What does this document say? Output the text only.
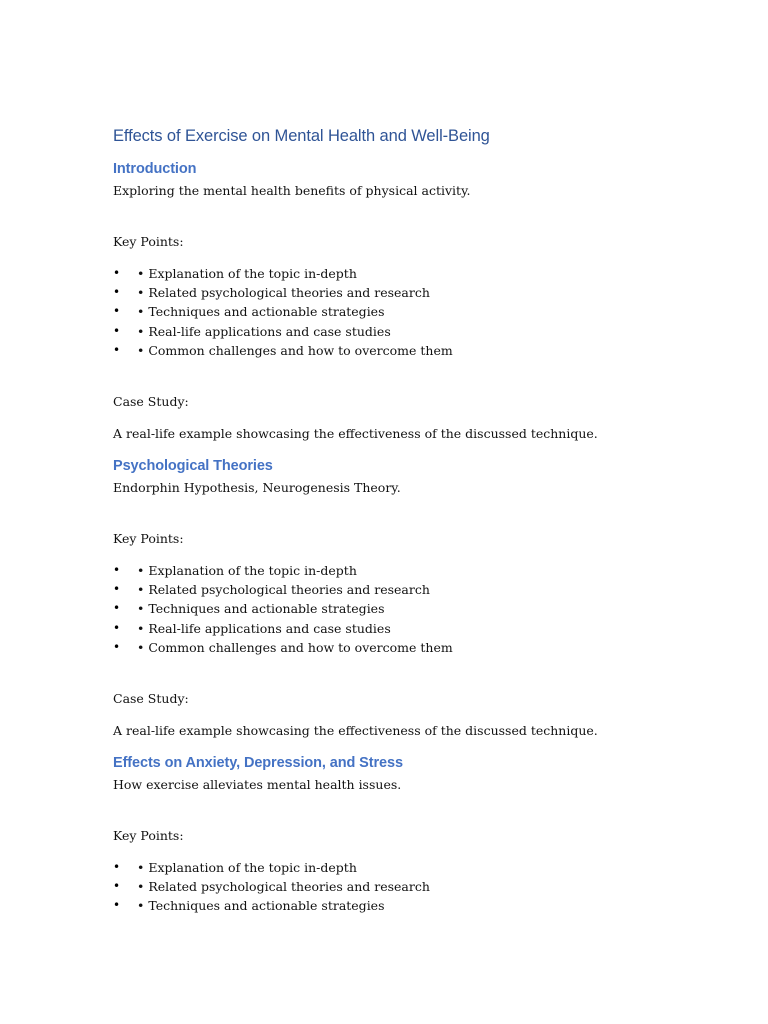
Effects of Exercise on Mental Health and Well-Being
Introduction

Exploring the mental health benefits of physical activity.

Key Points:

• • Explanation of the topic in-depth
• • Related psychological theories and research
• • Techniques and actionable strategies
• • Real-life applications and case studies
• • Common challenges and how to overcome them

Case Study:

A real-life example showcasing the effectiveness of the discussed technique.

Psychological Theories

Endorphin Hypothesis, Neurogenesis Theory.

Key Points:

• • Explanation of the topic in-depth
• • Related psychological theories and research
• • Techniques and actionable strategies
• • Real-life applications and case studies
• • Common challenges and how to overcome them

Case Study:

A real-life example showcasing the effectiveness of the discussed technique.

Effects on Anxiety, Depression, and Stress

How exercise alleviates mental health issues.

Key Points:

• • Explanation of the topic in-depth
• • Related psychological theories and research
• • Techniques and actionable strategies
